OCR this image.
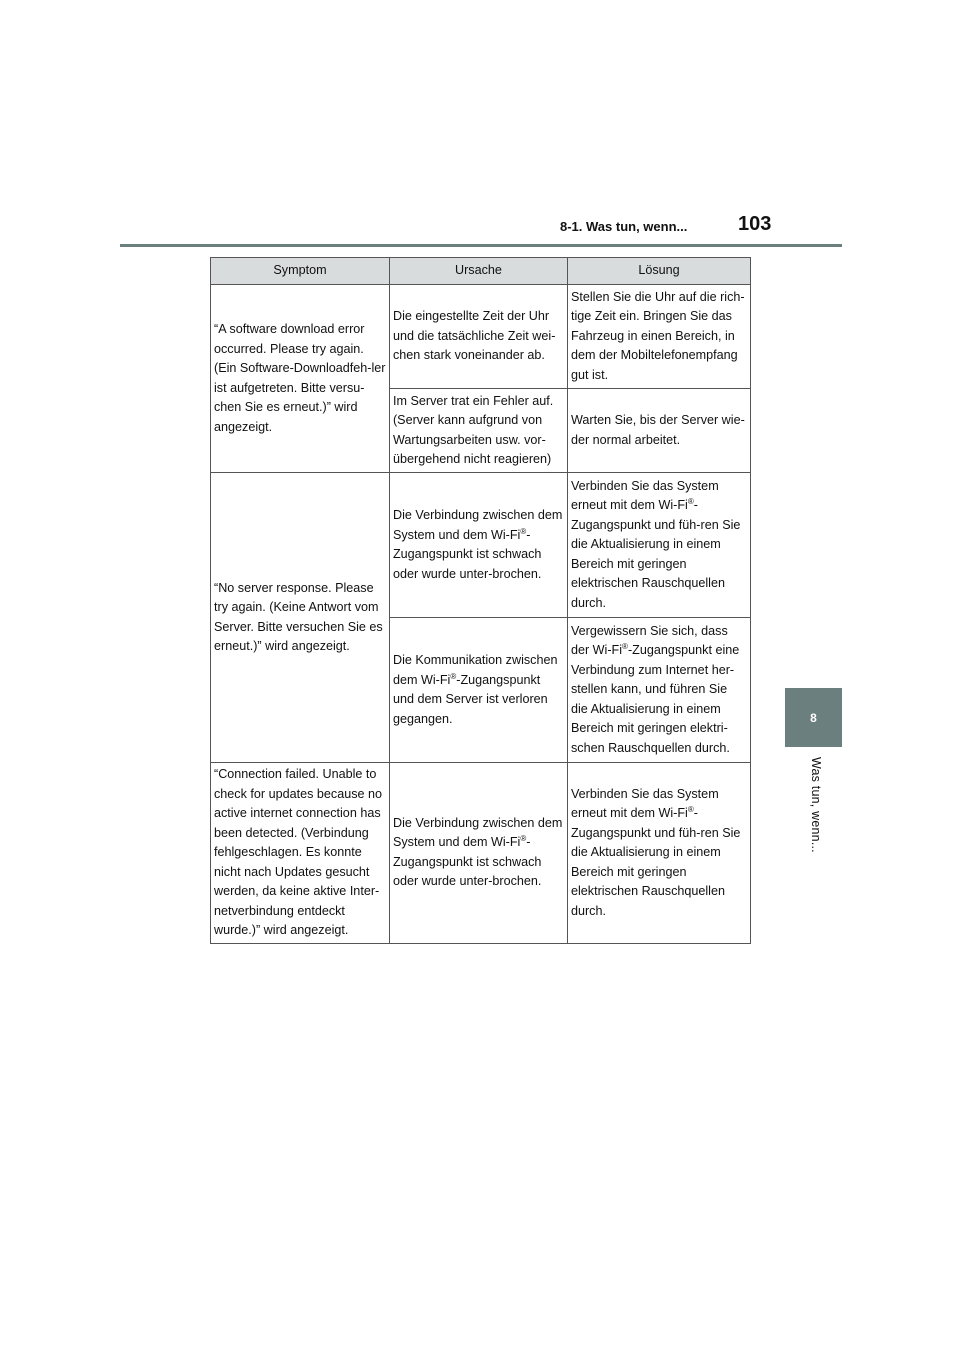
8-1. Was tun, wenn...	103
8
Was tun, wenn...
Symptom	Ursache	Lösung
“A software download error occurred. Please try again. (Ein Software-Downloadfeh-ler ist aufgetreten. Bitte versu-chen Sie es erneut.)” wird angezeigt.	Die eingestellte Zeit der Uhr und die tatsächliche Zeit wei-chen stark voneinander ab.	Stellen Sie die Uhr auf die rich-tige Zeit ein. Bringen Sie das Fahrzeug in einen Bereich, in dem der Mobiltelefonempfang gut ist.
	Im Server trat ein Fehler auf. (Server kann aufgrund von Wartungsarbeiten usw. vor-übergehend nicht reagieren)	Warten Sie, bis der Server wie-der normal arbeitet.
“No server response. Please try again. (Keine Antwort vom Server. Bitte versuchen Sie es erneut.)” wird angezeigt.	Die Verbindung zwischen dem System und dem Wi-Fi®-Zugangspunkt ist schwach oder wurde unter-brochen.	Verbinden Sie das System erneut mit dem Wi-Fi®-Zugangspunkt und füh-ren Sie die Aktualisierung in einem Bereich mit geringen elektrischen Rauschquellen durch.
	Die Kommunikation zwischen dem Wi-Fi®-Zugangspunkt und dem Server ist verloren gegangen.	Vergewissern Sie sich, dass der Wi-Fi®-Zugangspunkt eine Verbindung zum Internet her-stellen kann, und führen Sie die Aktualisierung in einem Bereich mit geringen elektri-schen Rauschquellen durch.
“Connection failed. Unable to check for updates because no active internet connection has been detected. (Verbindung fehlgeschlagen. Es konnte nicht nach Updates gesucht werden, da keine aktive Inter-netverbindung entdeckt wurde.)” wird angezeigt.	Die Verbindung zwischen dem System und dem Wi-Fi®-Zugangspunkt ist schwach oder wurde unter-brochen.	Verbinden Sie das System erneut mit dem Wi-Fi®-Zugangspunkt und füh-ren Sie die Aktualisierung in einem Bereich mit geringen elektrischen Rauschquellen durch.
